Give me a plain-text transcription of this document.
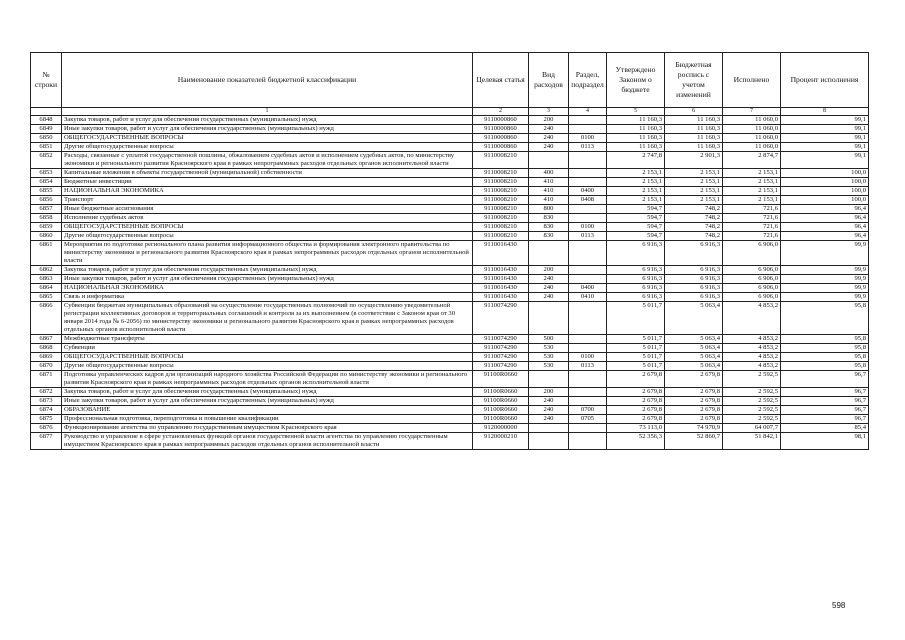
№ строки	Наименование показателей бюджетной классификации	Целевая статья	Вид расходов	Раздел, подраздел	Утверждено Законом о бюджете	Бюджетная роспись с учетом изменений	Исполнено	Процент исполнения
	1	2	3	4	5	6	7	8
6848	Закупка товаров, работ и услуг для обеспечения государственных (муниципальных) нужд	9110000860	200		11 160,3	11 160,3	11 060,0	99,1
6849	Иные закупки товаров, работ и услуг для обеспечения государственных (муниципальных) нужд	9110000860	240		11 160,3	11 160,3	11 060,0	99,1
6850	ОБЩЕГОСУДАРСТВЕННЫЕ ВОПРОСЫ	9110000860	240	0100	11 160,3	11 160,3	11 060,0	99,1
6851	Другие общегосударственные вопросы	9110000860	240	0113	11 160,3	11 160,3	11 060,0	99,1
6852	Расходы, связанные с уплатой государственной пошлины, обжалованием судебных актов и исполнением судебных актов, по министерству экономики и регионального развития Красноярского края в рамках непрограммных расходов отдельных органов исполнительной власти	9110008210			2 747,8	2 901,3	2 874,7	99,1
6853	Капитальные вложения в объекты государственной (муниципальной) собственности	9110008210	400		2 153,1	2 153,1	2 153,1	100,0
6854	Бюджетные инвестиции	9110008210	410		2 153,1	2 153,1	2 153,1	100,0
6855	НАЦИОНАЛЬНАЯ ЭКОНОМИКА	9110008210	410	0400	2 153,1	2 153,1	2 153,1	100,0
6856	Транспорт	9110008210	410	0408	2 153,1	2 153,1	2 153,1	100,0
6857	Иные бюджетные ассигнования	9110008210	800		594,7	748,2	721,6	96,4
6858	Исполнение судебных актов	9110008210	830		594,7	748,2	721,6	96,4
6859	ОБЩЕГОСУДАРСТВЕННЫЕ ВОПРОСЫ	9110008210	830	0100	594,7	748,2	721,6	96,4
6860	Другие общегосударственные вопросы	9110008210	830	0113	594,7	748,2	721,6	96,4
6861	Мероприятия по подготовке регионального плана развития информационного общества и формирования электронного правительства по министерству экономики и регионального развития Красноярского края в рамках непрограммных расходов отдельных органов исполнительной власти	9110016430			6 916,3	6 916,3	6 906,0	99,9
6862	Закупка товаров, работ и услуг для обеспечения государственных (муниципальных) нужд	9110016430	200		6 916,3	6 916,3	6 906,0	99,9
6863	Иные закупки товаров, работ и услуг для обеспечения государственных (муниципальных) нужд	9110016430	240		6 916,3	6 916,3	6 906,0	99,9
6864	НАЦИОНАЛЬНАЯ ЭКОНОМИКА	9110016430	240	0400	6 916,3	6 916,3	6 906,0	99,9
6865	Связь и информатика	9110016430	240	0410	6 916,3	6 916,3	6 906,0	99,9
6866	Субвенции бюджетам муниципальных образований на осуществление государственных полномочий по осуществлению уведомительной регистрации коллективных договоров и территориальных соглашений и контроля за их выполнением (в соответствии с Законом края от 30 января 2014 года № 6-2056) по министерству экономики и регионального развития Красноярского края в рамках непрограммных расходов отдельных органов исполнительной власти	9110074290			5 011,7	5 063,4	4 853,2	95,8
6867	Межбюджетные трансферты	9110074290	500		5 011,7	5 063,4	4 853,2	95,8
6868	Субвенции	9110074290	530		5 011,7	5 063,4	4 853,2	95,8
6869	ОБЩЕГОСУДАРСТВЕННЫЕ ВОПРОСЫ	9110074290	530	0100	5 011,7	5 063,4	4 853,2	95,8
6870	Другие общегосударственные вопросы	9110074290	530	0113	5 011,7	5 063,4	4 853,2	95,8
6871	Подготовка управленческих кадров для организаций народного хозяйства Российской Федерации по министерству экономики и регионального развития Красноярского края в рамках непрограммных расходов отдельных органов исполнительной власти	91100R0660			2 679,8	2 679,8	2 592,5	96,7
6872	Закупка товаров, работ и услуг для обеспечения государственных (муниципальных) нужд	91100R0660	200		2 679,8	2 679,8	2 592,5	96,7
6873	Иные закупки товаров, работ и услуг для обеспечения государственных (муниципальных) нужд	91100R0660	240		2 679,8	2 679,8	2 592,5	96,7
6874	ОБРАЗОВАНИЕ	91100R0660	240	0700	2 679,8	2 679,8	2 592,5	96,7
6875	Профессиональная подготовка, переподготовка и повышение квалификации	91100R0660	240	0705	2 679,8	2 679,8	2 592,5	96,7
6876	Функционирование агентства по управлению государственным имуществом Красноярского края	9120000000			73 113,0	74 970,9	64 007,7	85,4
6877	Руководство и управление в сфере установленных функций органов государственной власти агентства по управлению государственным имуществом Красноярского края в рамках непрограммных расходов отдельных органов исполнительной власти	9120000210			52 356,3	52 860,7	51 842,1	98,1
598
